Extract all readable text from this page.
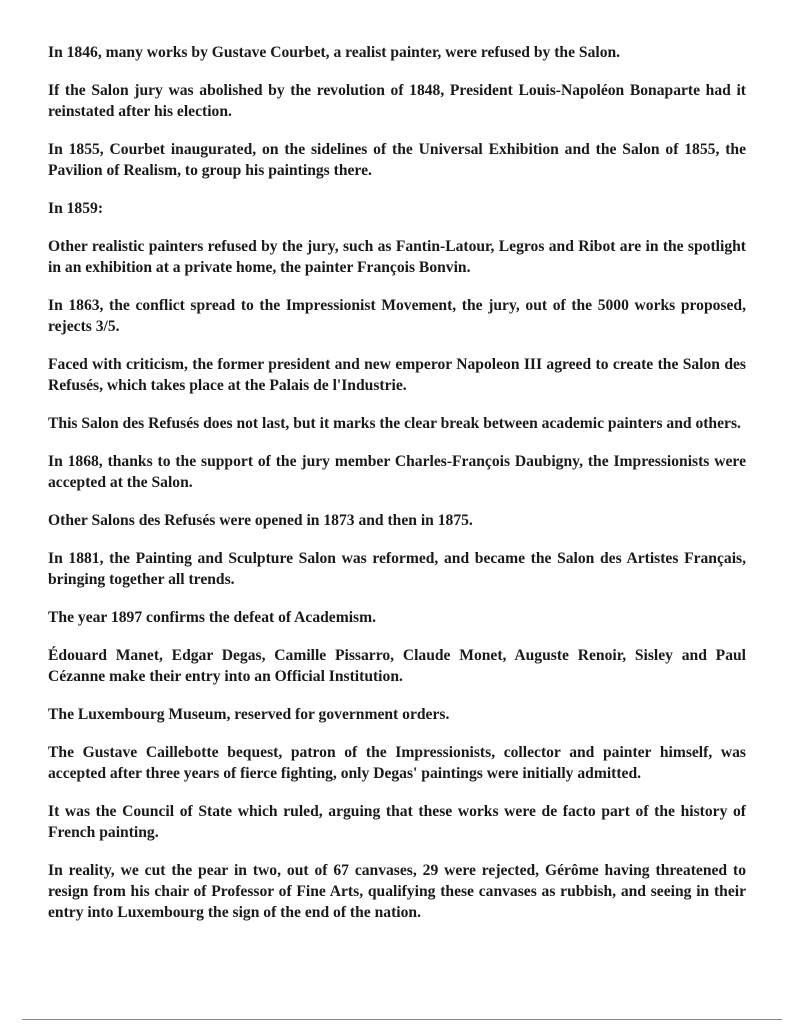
In 1846, many works by Gustave Courbet, a realist painter, were refused by the Salon.

If the Salon jury was abolished by the revolution of 1848, President Louis-Napoléon Bonaparte had it reinstated after his election.

In 1855, Courbet inaugurated, on the sidelines of the Universal Exhibition and the Salon of 1855, the Pavilion of Realism, to group his paintings there.

In 1859:

Other realistic painters refused by the jury, such as Fantin-Latour, Legros and Ribot are in the spotlight in an exhibition at a private home, the painter François Bonvin.

In 1863, the conflict spread to the Impressionist Movement, the jury, out of the 5000 works proposed, rejects 3/5.

Faced with criticism, the former president and new emperor Napoleon III agreed to create the Salon des Refusés, which takes place at the Palais de l'Industrie.

This Salon des Refusés does not last, but it marks the clear break between academic painters and others.

In 1868, thanks to the support of the jury member Charles-François Daubigny, the Impressionists were accepted at the Salon.

Other Salons des Refusés were opened in 1873 and then in 1875.

In 1881, the Painting and Sculpture Salon was reformed, and became the Salon des Artistes Français, bringing together all trends.

The year 1897 confirms the defeat of Academism.

Édouard Manet, Edgar Degas, Camille Pissarro, Claude Monet, Auguste Renoir, Sisley and Paul Cézanne make their entry into an Official Institution.

The Luxembourg Museum, reserved for government orders.

The Gustave Caillebotte bequest, patron of the Impressionists, collector and painter himself, was accepted after three years of fierce fighting, only Degas' paintings were initially admitted.

It was the Council of State which ruled, arguing that these works were de facto part of the history of French painting.

In reality, we cut the pear in two, out of 67 canvases, 29 were rejected, Gérôme having threatened to resign from his chair of Professor of Fine Arts, qualifying these canvases as rubbish, and seeing in their entry into Luxembourg the sign of the end of the nation.
